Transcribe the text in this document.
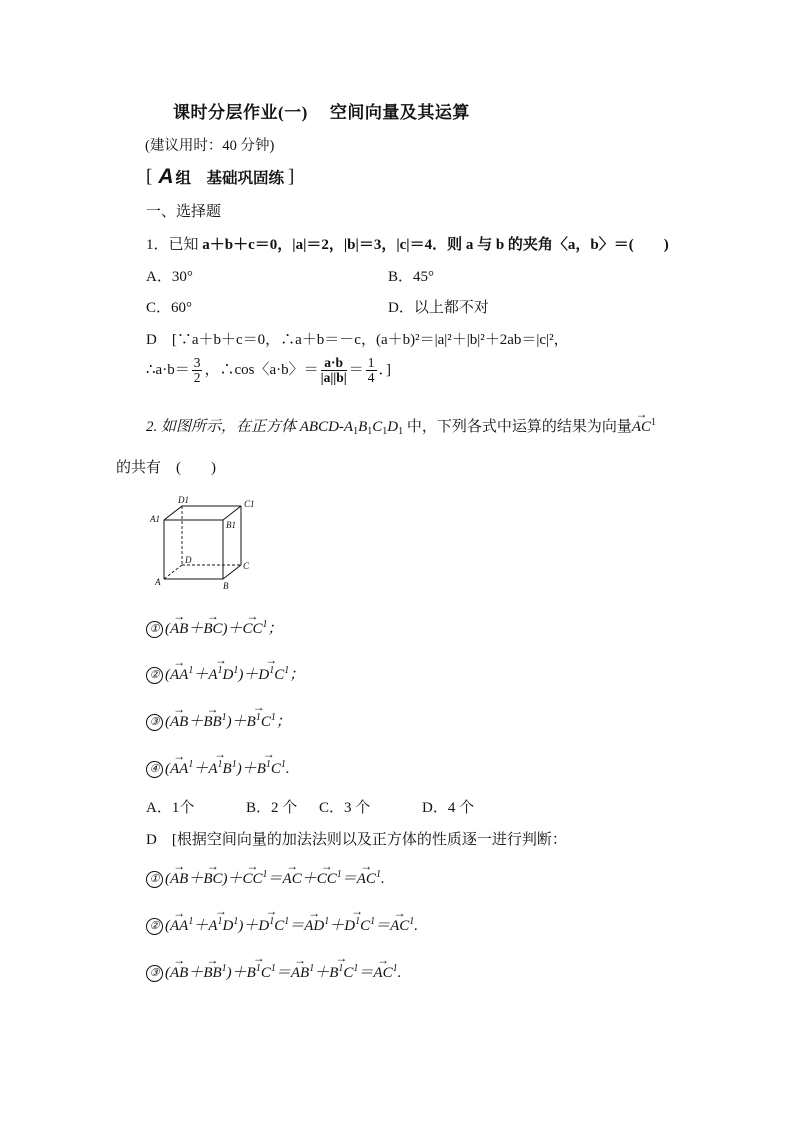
课时分层作业(一) 空间向量及其运算
(建议用时：40 分钟)
[ A 组　基础巩固练 ]
一、选择题
1．已知 a＋b＋c＝0，|a|＝2，|b|＝3，|c|＝4．则 a 与 b 的夹角〈a，b〉＝(　　)
A．30°	B．45°
C．60°	D．以上都不对
D　[∵a＋b＋c＝0，∴a＋b＝－c，(a＋b)²＝|a|²＋|b|²＋2ab＝|c|²，
∴a·b＝ $\frac{3}{2}$ ，∴cos〈a·b〉＝ $\frac{a\cdot b}{|a||b|} = \frac{1}{4}$ ．]
2. 如图所示，在正方体 ABCD-$A_1B_1C_1D_1$ 中，下列各式中运算的结果为向量→ $AC^1$
的共有　(　　)
D1	C1
A1
B1
D
C
A	B
① (→ $AB+\to BC)+\to CC^1$；
② (→ $AA^1+\to A^1D^1)+\to D^1C^1$；
③ (→ $AB+\to BB^1)+\to B^1C^1$；
④ (→ $AA^1+\to A^1B^1)+\to B^1C^1$.
A．1个	B．2 个 C．3 个	D．4 个
D　[根据空间向量的加法法则以及正方体的性质逐一进行判断：
① (→ $AB+\to BC)+\to CC^1=\to AC+\to CC^1=\to AC^1$.
② (→ $AA^1+\to A^1D^1)+\to D^1C^1=\to AD^1+\to D^1C^1=\to AC^1$.
③ (→ $AB+\to BB^1)+\to B^1C^1=\to AB^1+\to B^1C^1=\to AC^1$.
